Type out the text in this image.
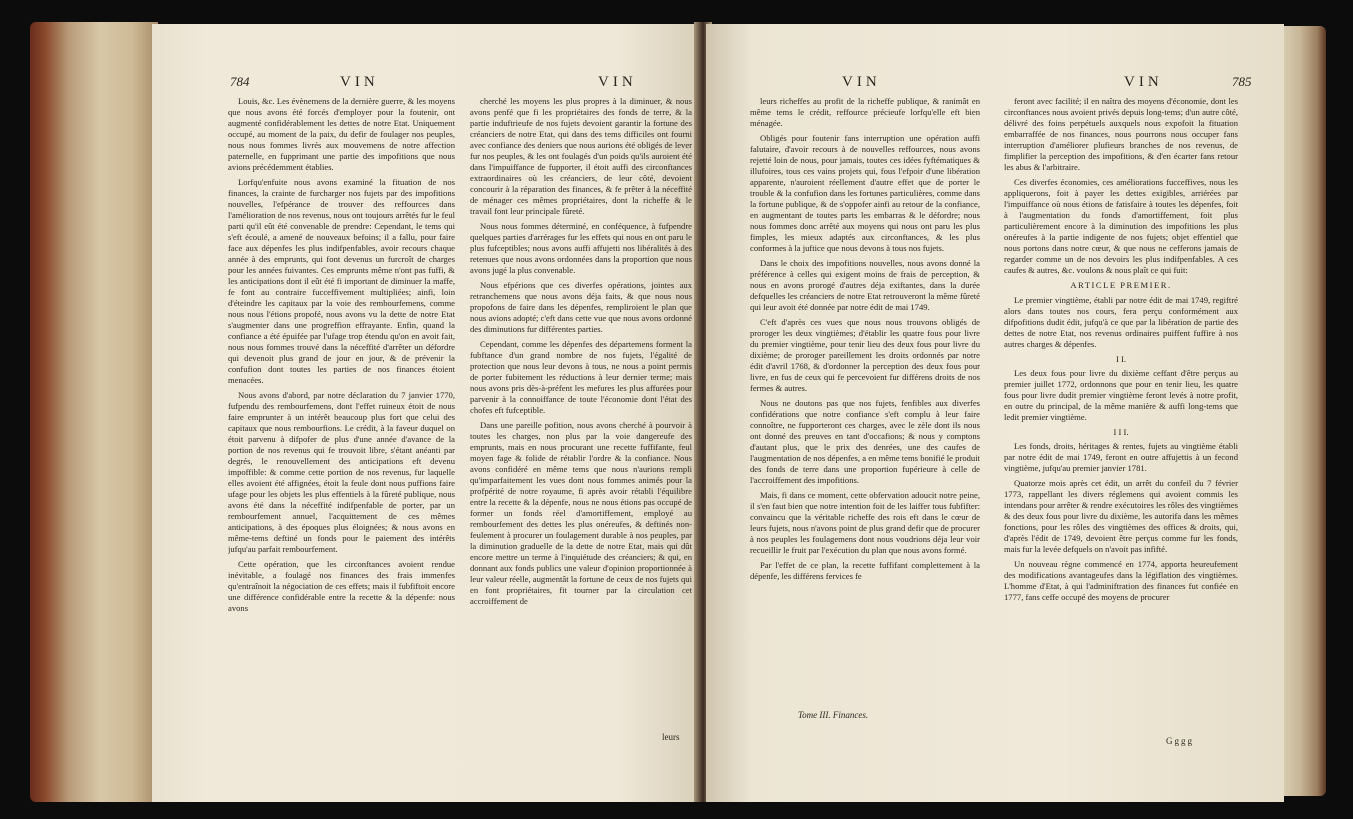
784	VIN	VIN

Louis, &c. Les évènemens de la dernière guerre, & les moyens que nous avons été forcés d'employer pour la foutenir, ont augmenté confidérablement les dettes de notre Etat. Uniquement occupé, au moment de la paix, du defir de foulager nos peuples, nous nous fommes livrés aux mouvemens de notre affection paternelle, en fupprimant une partie des impofitions que nous avions précédemment établies.

Lorfqu'enfuite nous avons examiné la fituation de nos finances, la crainte de furcharger nos fujets par des impofitions nouvelles, l'efpérance de trouver des reffources dans l'amélioration de nos revenus, nous ont toujours arrêtés fur le feul parti qu'il eût été convenable de prendre: Cependant, le tems qui s'eft écoulé, a amené de nouveaux befoins; il a fallu, pour faire face aux dépenfes les plus indifpenfables, avoir recours chaque année à des emprunts, qui font devenus un furcroît de charges pour les années fuivantes. Ces emprunts même n'ont pas fuffi, & les anticipations dont il eût été fi important de diminuer la maffe, fe font au contraire fucceffivement multipliées; ainfi, loin d'éteindre les capitaux par la voie des rembourfemens, comme nous nous l'étions propofé, nous avons vu la dette de notre Etat s'augmenter dans une progreffion effrayante. Enfin, quand la confiance a été épuifée par l'ufage trop étendu qu'on en avoit fait, nous nous fommes trouvé dans la néceffité d'arrêter un défordre qui devenoit plus grand de jour en jour, & de prévenir la confufion dont toutes les parties de nos finances étoient menacées.

Nous avons d'abord, par notre déclaration du 7 janvier 1770, fufpendu des rembourfemens, dont l'effet ruineux étoit de nous faire emprunter à un intérêt beaucoup plus fort que celui des capitaux que nous rembourfions. Le crédit, à la faveur duquel on étoit parvenu à difpofer de plus d'une année d'avance de la portion de nos revenus qui fe trouvoit libre, s'étant anéanti par degrés, le renouvellement des anticipations eft devenu impoffible: & comme cette portion de nos revenus, fur laquelle elles avoient été affignées, étoit la feule dont nous puffions faire ufage pour les objets les plus effentiels à la fûreté publique, nous avons été dans la néceffité indifpenfable de porter, par un rembourfement annuel, l'acquittement de ces mêmes anticipations, à des époques plus éloignées; & nous avons en même-tems deftiné un fonds pour le paiement des intérêts jufqu'au parfait rembourfement.

Cette opération, que les circonftances avoient rendue inévitable, a foulagé nos finances des frais immenfes qu'entraînoit la négociation de ces effets; mais il fubfiftoit encore une différence confidérable entre la recette & la dépenfe: nous avons

cherché les moyens les plus propres à la diminuer, & nous avons penfé que fi les propriétaires des fonds de terre, & la partie induftrieufe de nos fujets devoient garantir la fortune des créanciers de notre Etat, qui dans des tems difficiles ont fourni avec confiance des deniers que nous aurions été obligés de lever fur nos peuples, & les ont foulagés d'un poids qu'ils auroient été dans l'impuiffance de fupporter, il étoit auffi des circonftances extraordinaires où les créanciers, de leur côté, devoient concourir à la réparation des finances, & fe prêter à la néceffité de ménager ces mêmes propriétaires, dont la richeffe & le travail font leur principale fûreté.

Nous nous fommes déterminé, en conféquence, à fufpendre quelques parties d'arrérages fur les effets qui nous en ont paru le plus fufceptibles; nous avons auffi affujetti nos libéralités à des retenues que nous avons ordonnées dans la proportion que nous avons jugé la plus convenable.

Nous efpérions que ces diverfes opérations, jointes aux retranchemens que nous avons déja faits, & que nous nous propofons de faire dans les dépenfes, rempliroient le plan que nous avions adopté; c'eft dans cette vue que nous avons ordonné des diminutions fur différentes parties.

Cependant, comme les dépenfes des départemens forment la fubftance d'un grand nombre de nos fujets, l'égalité de protection que nous leur devons à tous, ne nous a point permis de porter fubitement les réductions à leur dernier terme; mais nous avons pris dès-à-préfent les mefures les plus affurées pour parvenir à la connoiffance de toute l'économie dont l'état des chofes eft fufceptible.

Dans une pareille pofition, nous avons cherché à pourvoir à toutes les charges, non plus par la voie dangereufe des emprunts, mais en nous procurant une recette fuffifante, feul moyen fage & folide de rétablir l'ordre & la confiance. Nous avons confidéré en même tems que nous n'aurions rempli qu'imparfaitement les vues dont nous fommes animés pour la profpérité de notre royaume, fi après avoir rétabli l'équilibre entre la recette & la dépenfe, nous ne nous étions pas occupé de former un fonds réel d'amortiffement, employé au rembourfement des dettes les plus onéreufes, & deftinés non-feulement à procurer un foulagement durable à nos peuples, par la diminution graduelle de la dette de notre Etat, mais qui dût encore mettre un terme à l'inquiétude des créanciers; & qui, en donnant aux fonds publics une valeur d'opinion proportionnée à leur valeur réelle, augmentât la fortune de ceux de nos fujets qui en font propriétaires, fit tourner par la circulation cet accroiffement de

leurs
VIN	VIN	785

leurs richeffes au profit de la richeffe publique, & ranimât en même tems le crédit, reffource précieufe lorfqu'elle eft bien ménagée.

Obligés pour foutenir fans interruption une opération auffi falutaire, d'avoir recours à de nouvelles reffources, nous avons rejetté loin de nous, pour jamais, toutes ces idées fyftématiques & illufoires, tous ces vains projets qui, fous l'efpoir d'une libération apparente, n'auroient réellement d'autre effet que de porter le trouble & la confufion dans les fortunes particulières, comme dans la fortune publique, & de s'oppofer ainfi au retour de la confiance, en augmentant de toutes parts les embarras & le défordre; nous nous fommes donc arrêté aux moyens qui nous ont paru les plus fimples, les mieux adaptés aux circonftances, & les plus conformes à la juftice que nous devons à tous nos fujets.

Dans le choix des impofitions nouvelles, nous avons donné la préférence à celles qui exigent moins de frais de perception, & nous en avons prorogé d'autres déja exiftantes, dans la durée defquelles les créanciers de notre Etat retrouveront la même fûreté qui leur avoit été donnée par notre édit de mai 1749.

C'eft d'après ces vues que nous nous trouvons obligés de proroger les deux vingtièmes; d'établir les quatre fous pour livre du premier vingtième, pour tenir lieu des deux fous pour livre du dixième; de proroger pareillement les droits ordonnés par notre édit d'avril 1768, & d'ordonner la perception des deux fous pour livre, en fus de ceux qui fe percevoient fur différens droits de nos fermes & autres.

Nous ne doutons pas que nos fujets, fenfibles aux diverfes confidérations que notre confiance s'eft complu à leur faire connoître, ne fupporteront ces charges, avec le zèle dont ils nous ont donné des preuves en tant d'occafions; & nous y comptons d'autant plus, que le prix des denrées, une des caufes de l'augmentation de nos dépenfes, a en même tems bonifié le produit des fonds de terre dans une proportion fupérieure à celle de l'accroiffement des impofitions.

Mais, fi dans ce moment, cette obfervation adoucit notre peine, il s'en faut bien que notre intention foit de les laiffer tous fubfifter: convaincu que la véritable richeffe des rois eft dans le cœur de leurs fujets, nous n'avons point de plus grand defir que de procurer à nos peuples les foulagemens dont nous voudrions déja leur voir recueillir le fruit par l'exécution du plan que nous avons formé.

Par l'effet de ce plan, la recette fuffifant complettement à la dépenfe, les différens fervices fe

Tome III. Finances.

feront avec facilité; il en naîtra des moyens d'économie, dont les circonftances nous avoient privés depuis long-tems; d'un autre côté, délivré des foins perpétuels auxquels nous expofoit la fituation embarraffée de nos finances, nous pourrons nous occuper fans interruption d'améliorer plufieurs branches de nos revenus, de fimplifier la perception des impofitions, & d'en écarter fans retour les abus & l'arbitraire.

Ces diverfes économies, ces améliorations fucceffives, nous les appliquerons, foit à payer les dettes exigibles, arriérées par l'impuiffance où nous étions de fatisfaire à toutes les dépenfes, foit à l'augmentation du fonds d'amortiffement, foit plus particulièrement encore à la diminution des impofitions les plus onéreufes à la partie indigente de nos fujets; objet effentiel que nous portons dans notre cœur, & que nous ne cefferons jamais de regarder comme un de nos devoirs les plus indifpenfables. A ces caufes & autres, &c. voulons & nous plaît ce qui fuit:

ARTICLE PREMIER.

Le premier vingtième, établi par notre édit de mai 1749, regiftré alors dans toutes nos cours, fera perçu conformément aux difpofitions dudit édit, jufqu'à ce que par la libération de partie des dettes de notre Etat, nos revenus ordinaires puiffent fuffire à nos autres charges & dépenfes.

I I.

Les deux fous pour livre du dixième ceffant d'être perçus au premier juillet 1772, ordonnons que pour en tenir lieu, les quatre fous pour livre dudit premier vingtième feront levés à notre profit, en outre du principal, de la même manière & auffi long-tems que ledit premier vingtième.

I I I.

Les fonds, droits, héritages & rentes, fujets au vingtième établi par notre édit de mai 1749, feront en outre affujettis à un fecond vingtième, jufqu'au premier janvier 1781.

Quatorze mois après cet édit, un arrêt du confeil du 7 février 1773, rappellant les divers réglemens qui avoient commis les intendans pour arrêter & rendre exécutoires les rôles des vingtièmes & des deux fous pour livre du dixième, les autorifa dans les mêmes fonctions, pour les rôles des vingtièmes des offices & droits, qui, d'après l'édit de 1749, devoient être perçus comme fur les fonds, mais fur la levée defquels on n'avoit pas infifté.

Un nouveau règne commencé en 1774, apporta heureufement des modifications avantageufes dans la légiflation des vingtièmes. L'homme d'Etat, à qui l'adminiftration des finances fut confiée en 1777, fans ceffe occupé des moyens de procurer

Gggg
